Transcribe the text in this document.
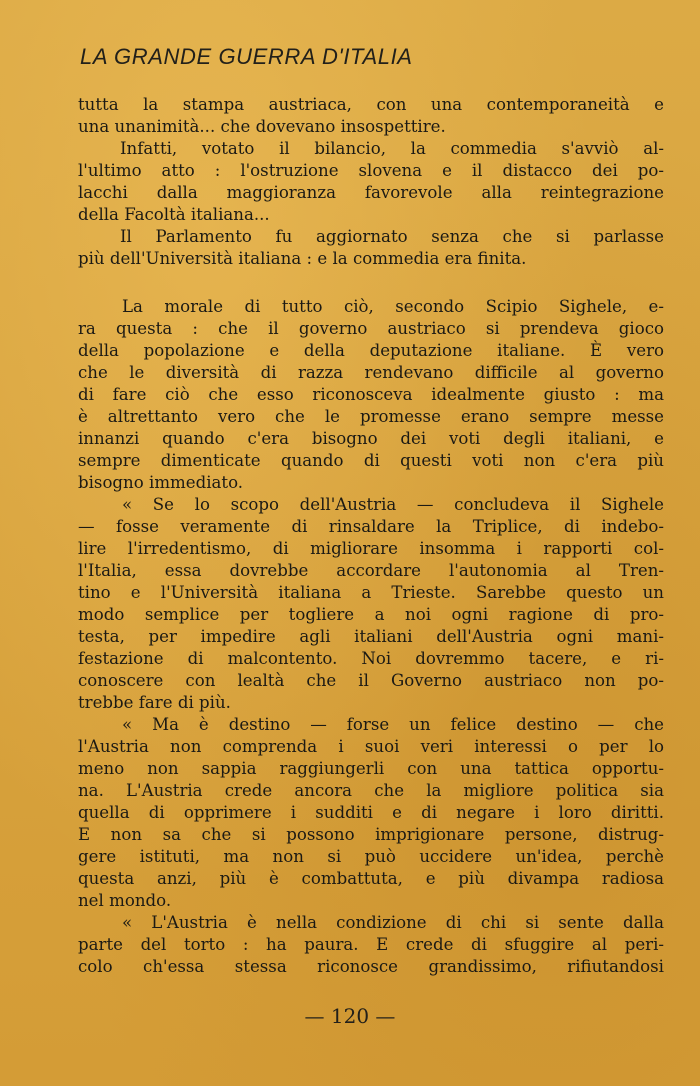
LA GRANDE GUERRA D'ITALIA
tutta la stampa austriaca, con una contemporaneità e
una unanimità... che dovevano insospettire.
Infatti, votato il bilancio, la commedia s'avviò al-
l'ultimo atto : l'ostruzione slovena e il distacco dei po-
lacchi dalla maggioranza favorevole alla reintegrazione
della Facoltà italiana...
Il Parlamento fu aggiornato senza che si parlasse
più dell'Università italiana : e la commedia era finita.
La morale di tutto ciò, secondo Scipio Sighele, e-
ra questa : che il governo austriaco si prendeva gioco
della popolazione e della deputazione italiane. È vero
che le diversità di razza rendevano difficile al governo
di fare ciò che esso riconosceva idealmente giusto : ma
è altrettanto vero che le promesse erano sempre messe
innanzi quando c'era bisogno dei voti degli italiani, e
sempre dimenticate quando di questi voti non c'era più
bisogno immediato.
« Se lo scopo dell'Austria — concludeva il Sighele
— fosse veramente di rinsaldare la Triplice, di indebo-
lire l'irredentismo, di migliorare insomma i rapporti col-
l'Italia, essa dovrebbe accordare l'autonomia al Tren-
tino e l'Università italiana a Trieste. Sarebbe questo un
modo semplice per togliere a noi ogni ragione di pro-
testa, per impedire agli italiani dell'Austria ogni mani-
festazione di malcontento. Noi dovremmo tacere, e ri-
conoscere con lealtà che il Governo austriaco non po-
trebbe fare di più.
« Ma è destino — forse un felice destino — che
l'Austria non comprenda i suoi veri interessi o per lo
meno non sappia raggiungerli con una tattica opportu-
na. L'Austria crede ancora che la migliore politica sia
quella di opprimere i sudditi e di negare i loro diritti.
E non sa che si possono imprigionare persone, distrug-
gere istituti, ma non si può uccidere un'idea, perchè
questa anzi, più è combattuta, e più divampa radiosa
nel mondo.
« L'Austria è nella condizione di chi si sente dalla
parte del torto : ha paura. E crede di sfuggire al peri-
colo ch'essa stessa riconosce grandissimo, rifiutandosi
— 120 —
